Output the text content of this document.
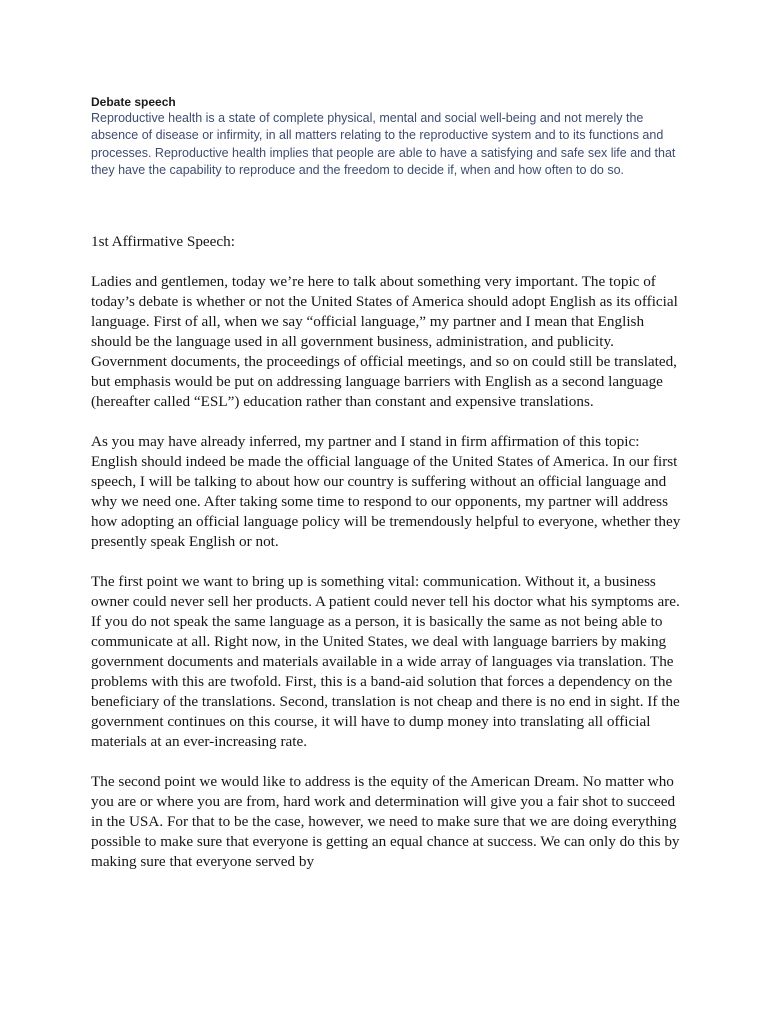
Debate speech

Reproductive health is a state of complete physical, mental and social well-being and not merely the absence of disease or infirmity, in all matters relating to the reproductive system and to its functions and processes. Reproductive health implies that people are able to have a satisfying and safe sex life and that they have the capability to reproduce and the freedom to decide if, when and how often to do so.

1st Affirmative Speech:

Ladies and gentlemen, today we’re here to talk about something very important. The topic of today’s debate is whether or not the United States of America should adopt English as its official language. First of all, when we say “official language,” my partner and I mean that English should be the language used in all government business, administration, and publicity. Government documents, the proceedings of official meetings, and so on could still be translated, but emphasis would be put on addressing language barriers with English as a second language (hereafter called “ESL”) education rather than constant and expensive translations.

As you may have already inferred, my partner and I stand in firm affirmation of this topic: English should indeed be made the official language of the United States of America. In our first speech, I will be talking to about how our country is suffering without an official language and why we need one. After taking some time to respond to our opponents, my partner will address how adopting an official language policy will be tremendously helpful to everyone, whether they presently speak English or not.

The first point we want to bring up is something vital: communication. Without it, a business owner could never sell her products. A patient could never tell his doctor what his symptoms are. If you do not speak the same language as a person, it is basically the same as not being able to communicate at all. Right now, in the United States, we deal with language barriers by making government documents and materials available in a wide array of languages via translation. The problems with this are twofold. First, this is a band-aid solution that forces a dependency on the beneficiary of the translations. Second, translation is not cheap and there is no end in sight. If the government continues on this course, it will have to dump money into translating all official materials at an ever-increasing rate.

The second point we would like to address is the equity of the American Dream. No matter who you are or where you are from, hard work and determination will give you a fair shot to succeed in the USA. For that to be the case, however, we need to make sure that we are doing everything possible to make sure that everyone is getting an equal chance at success. We can only do this by making sure that everyone served by
